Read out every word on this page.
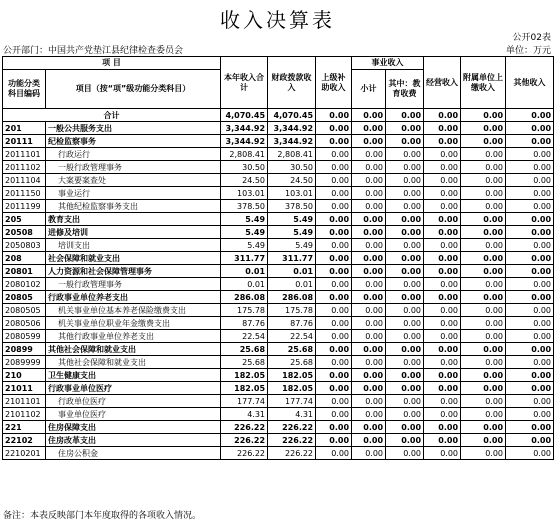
收入决算表
公开02表
单位：万元
公开部门：中国共产党垫江县纪律检查委员会
项 目		本年收入合计	财政拨款收入	上级补助收入	事业收入		经营收入	附属单位上缴收入	其他收入
功能分类科目编码	项目（按“项”级功能分类科目）				小计	其中：教育收费			

合计		4,070.45	4,070.45	0.00	0.00	0.00	0.00	0.00	0.00
201	一般公共服务支出	3,344.92	3,344.92	0.00	0.00	0.00	0.00	0.00	0.00
20111	纪检监察事务	3,344.92	3,344.92	0.00	0.00	0.00	0.00	0.00	0.00
2011101	行政运行	2,808.41	2,808.41	0.00	0.00	0.00	0.00	0.00	0.00
2011102	一般行政管理事务	30.50	30.50	0.00	0.00	0.00	0.00	0.00	0.00
2011104	大案要案查处	24.50	24.50	0.00	0.00	0.00	0.00	0.00	0.00
2011150	事业运行	103.01	103.01	0.00	0.00	0.00	0.00	0.00	0.00
2011199	其他纪检监察事务支出	378.50	378.50	0.00	0.00	0.00	0.00	0.00	0.00
205	教育支出	5.49	5.49	0.00	0.00	0.00	0.00	0.00	0.00
20508	进修及培训	5.49	5.49	0.00	0.00	0.00	0.00	0.00	0.00
2050803	培训支出	5.49	5.49	0.00	0.00	0.00	0.00	0.00	0.00
208	社会保障和就业支出	311.77	311.77	0.00	0.00	0.00	0.00	0.00	0.00
20801	人力资源和社会保障管理事务	0.01	0.01	0.00	0.00	0.00	0.00	0.00	0.00
2080102	一般行政管理事务	0.01	0.01	0.00	0.00	0.00	0.00	0.00	0.00
20805	行政事业单位养老支出	286.08	286.08	0.00	0.00	0.00	0.00	0.00	0.00
2080505	机关事业单位基本养老保险缴费支出	175.78	175.78	0.00	0.00	0.00	0.00	0.00	0.00
2080506	机关事业单位职业年金缴费支出	87.76	87.76	0.00	0.00	0.00	0.00	0.00	0.00
2080599	其他行政事业单位养老支出	22.54	22.54	0.00	0.00	0.00	0.00	0.00	0.00
20899	其他社会保障和就业支出	25.68	25.68	0.00	0.00	0.00	0.00	0.00	0.00
2089999	其他社会保障和就业支出	25.68	25.68	0.00	0.00	0.00	0.00	0.00	0.00
210	卫生健康支出	182.05	182.05	0.00	0.00	0.00	0.00	0.00	0.00
21011	行政事业单位医疗	182.05	182.05	0.00	0.00	0.00	0.00	0.00	0.00
2101101	行政单位医疗	177.74	177.74	0.00	0.00	0.00	0.00	0.00	0.00
2101102	事业单位医疗	4.31	4.31	0.00	0.00	0.00	0.00	0.00	0.00
221	住房保障支出	226.22	226.22	0.00	0.00	0.00	0.00	0.00	0.00
22102	住房改革支出	226.22	226.22	0.00	0.00	0.00	0.00	0.00	0.00
2210201	住房公积金	226.22	226.22	0.00	0.00	0.00	0.00	0.00	0.00
备注：本表反映部门本年度取得的各项收入情况。
